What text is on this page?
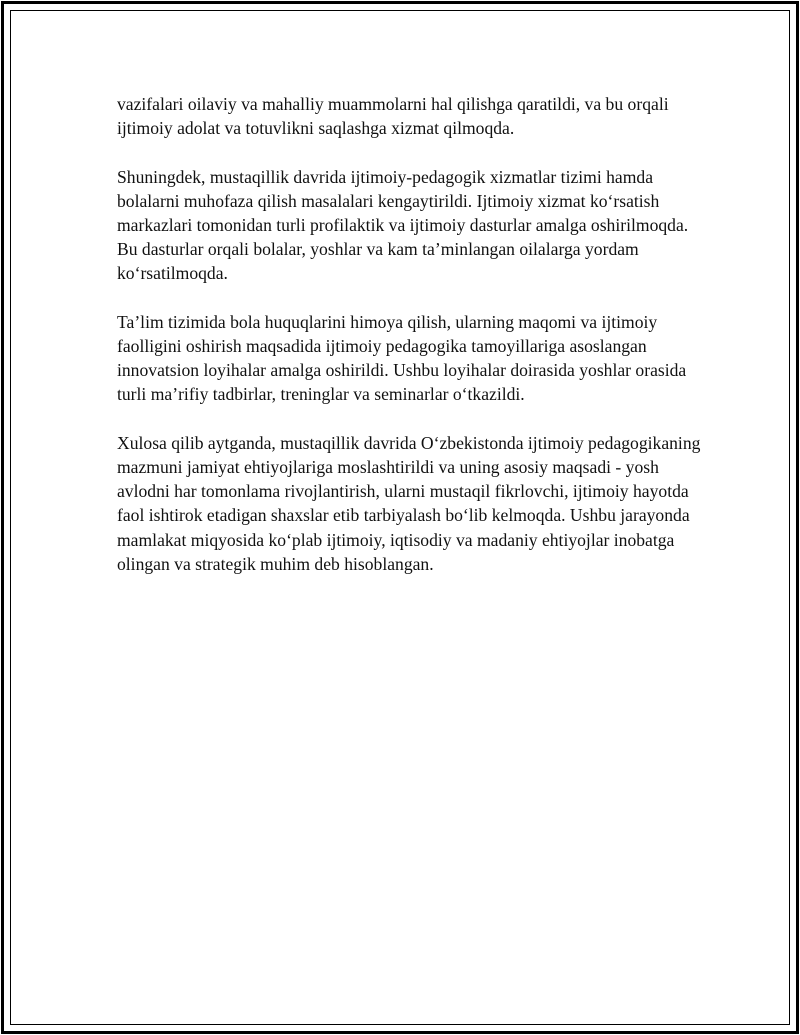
vazifalari oilaviy va mahalliy muammolarni hal qilishga qaratildi, va bu orqali ijtimoiy adolat va totuvlikni saqlashga xizmat qilmoqda.

Shuningdek, mustaqillik davrida ijtimoiy-pedagogik xizmatlar tizimi hamda bolalarni muhofaza qilish masalalari kengaytirildi. Ijtimoiy xizmat ko‘rsatish markazlari tomonidan turli profilaktik va ijtimoiy dasturlar amalga oshirilmoqda. Bu dasturlar orqali bolalar, yoshlar va kam ta’minlangan oilalarga yordam ko‘rsatilmoqda.

Ta’lim tizimida bola huquqlarini himoya qilish, ularning maqomi va ijtimoiy faolligini oshirish maqsadida ijtimoiy pedagogika tamoyillariga asoslangan innovatsion loyihalar amalga oshirildi. Ushbu loyihalar doirasida yoshlar orasida turli ma’rifiy tadbirlar, treninglar va seminarlar o‘tkazildi.

Xulosa qilib aytganda, mustaqillik davrida O‘zbekistonda ijtimoiy pedagogikaning mazmuni jamiyat ehtiyojlariga moslashtirildi va uning asosiy maqsadi - yosh avlodni har tomonlama rivojlantirish, ularni mustaqil fikrlovchi, ijtimoiy hayotda faol ishtirok etadigan shaxslar etib tarbiyalash bo‘lib kelmoqda. Ushbu jarayonda mamlakat miqyosida ko‘plab ijtimoiy, iqtisodiy va madaniy ehtiyojlar inobatga olingan va strategik muhim deb hisoblangan.
